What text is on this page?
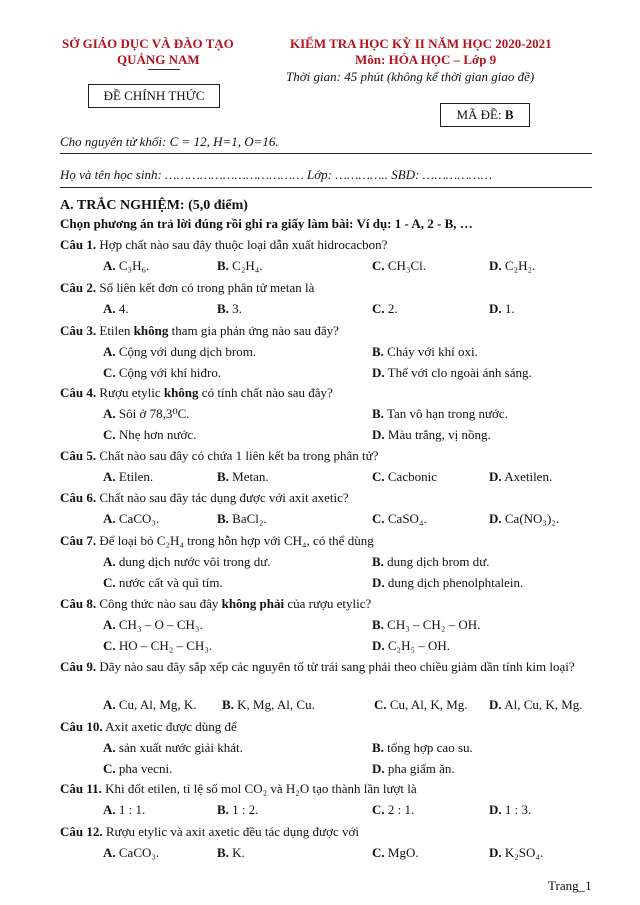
SỞ GIÁO DỤC VÀ ĐÀO TẠO
QUẢNG NAM
ĐỀ CHÍNH THỨC
KIỂM TRA HỌC KỲ II NĂM HỌC 2020-2021
Môn: HÓA HỌC – Lớp 9
Thời gian: 45 phút (không kể thời gian giao đề)
MÃ ĐỀ: B
Cho nguyên tử khối: C = 12, H=1, O=16.
Họ và tên học sinh: ……………………………… Lớp: ………….. SBD: ………………
A. TRẮC NGHIỆM: (5,0 điểm)
Chọn phương án trả lời đúng rồi ghi ra giấy làm bài: Ví dụ: 1 - A, 2 - B, …
Câu 1. Hợp chất nào sau đây thuộc loại dẫn xuất hidrocacbon?
A. C₃H₆.	B. C₂H₄.	C. CH₃Cl.	D. C₂H₂.
Câu 2. Số liên kết đơn có trong phân tử metan là
A. 4.	B. 3.	C. 2.	D. 1.
Câu 3. Etilen không tham gia phản ứng nào sau đây?
A. Cộng với dung dịch brom.	B. Cháy với khí oxi.
C. Cộng với khí hiđro.	D. Thế với clo ngoài ánh sáng.
Câu 4. Rượu etylic không có tính chất nào sau đây?
A. Sôi ở 78,3⁰C.	B. Tan vô hạn trong nước.
C. Nhẹ hơn nước.	D. Màu trắng, vị nồng.
Câu 5. Chất nào sau đây có chứa 1 liên kết ba trong phân tử?
A. Etilen.	B. Metan.	C. Cacbonic	D. Axetilen.
Câu 6. Chất nào sau đây tác dụng được với axit axetic?
A. CaCO₃.	B. BaCl₂.	C. CaSO₄.	D. Ca(NO₃)₂.
Câu 7. Để loại bỏ C₂H₄ trong hỗn hợp với CH₄, có thể dùng
A. dung dịch nước vôi trong dư.	B. dung dịch brom dư.
C. nước cất và quì tím.	D. dung dịch phenolphtalein.
Câu 8. Công thức nào sau đây không phải của rượu etylic?
A. CH₃ – O – CH₃.	B. CH₃ – CH₂ – OH.
C. HO – CH₂ – CH₃.	D. C₂H₅ – OH.
Câu 9. Dãy nào sau đây sắp xếp các nguyên tố từ trái sang phải theo chiều giảm dần tính kim loại?
A. Cu, Al, Mg, K. B. K, Mg, Al, Cu.	C. Cu, Al, K, Mg. D. Al, Cu, K, Mg.
Câu 10. Axit axetic được dùng để
A. sản xuất nước giải khát.	B. tổng hợp cao su.
C. pha vecni.	D. pha giấm ăn.
Câu 11. Khi đốt etilen, tỉ lệ số mol CO₂ và H₂O tạo thành lần lượt là
A. 1 : 1.	B. 1 : 2.	C. 2 : 1.	D. 1 : 3.
Câu 12. Rượu etylic và axit axetic đều tác dụng được với
A. CaCO₃.	B. K.	C. MgO.	D. K₂SO₄.
Trang_1
